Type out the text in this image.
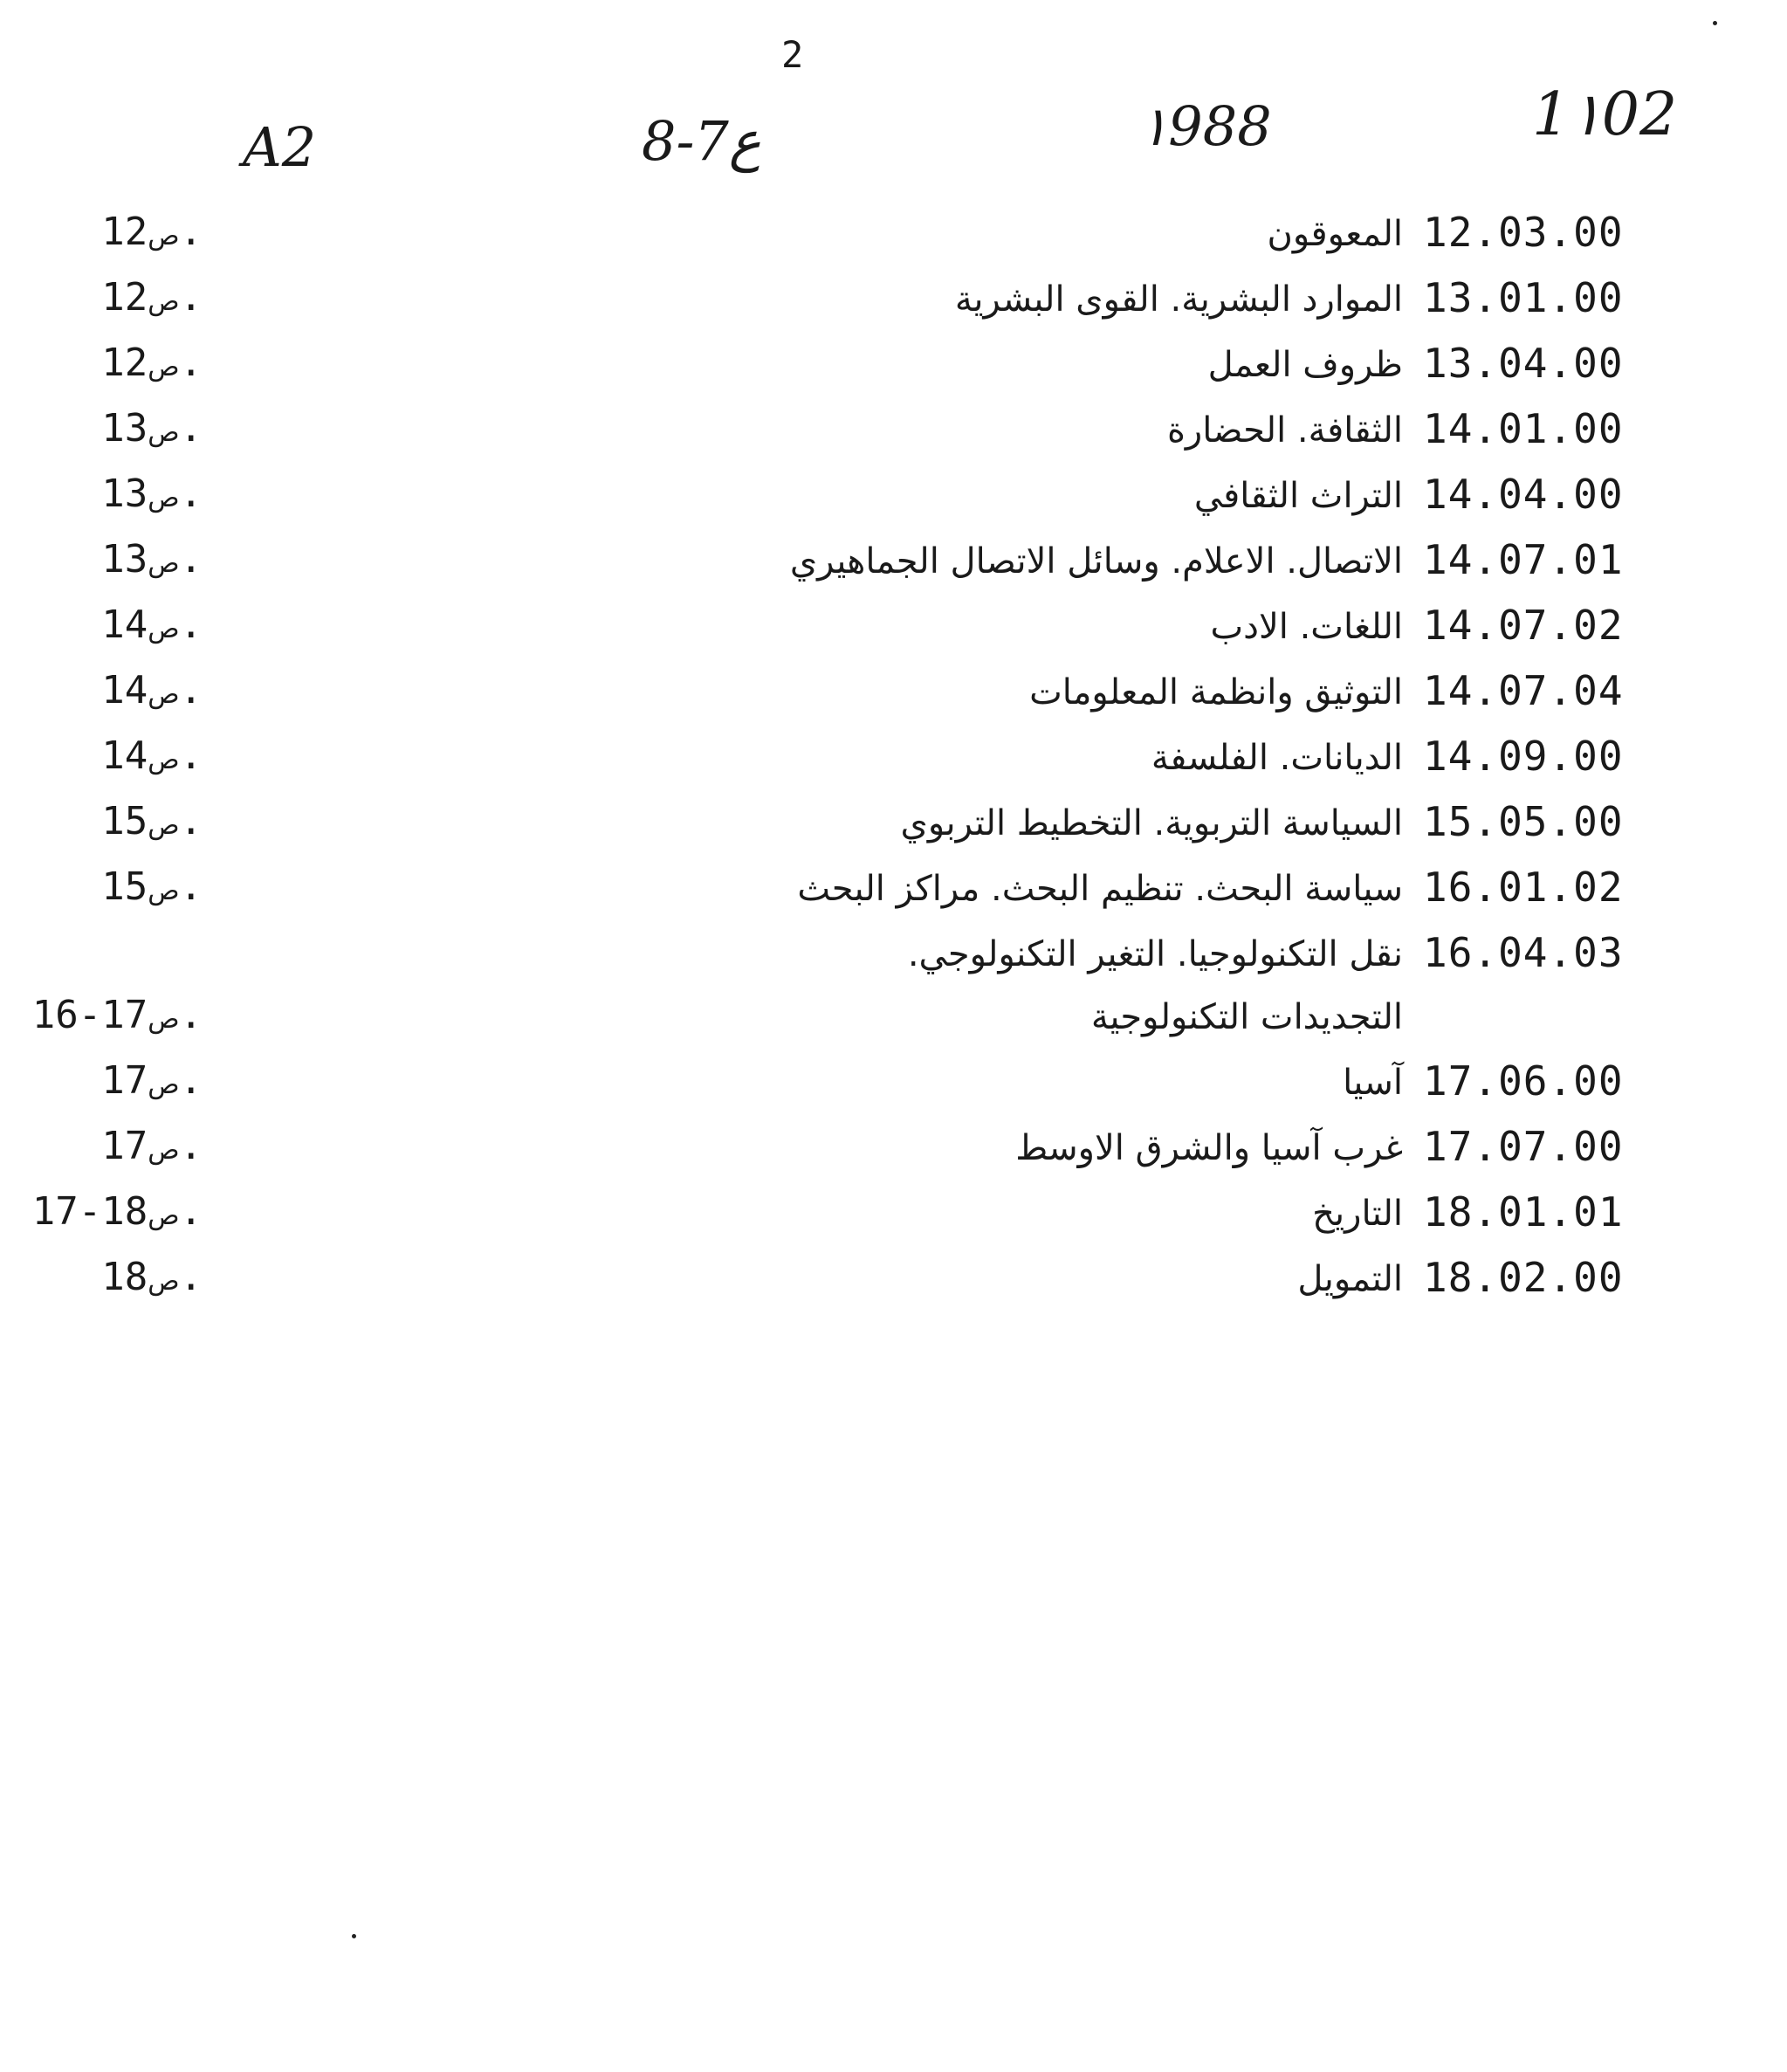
2
A2	8-7ع	١988	1١02
ص12.	المعوقون 12.03.00
ص12.	الموارد البشرية. القوى البشرية 13.01.00
ص12.	ظروف العمل 13.04.00
ص13.	الثقافة. الحضارة 14.01.00
ص13.	التراث الثقافي 14.04.00
ص13.	الاتصال. الاعلام. وسائل الاتصال الجماهيري 14.07.01
ص14.	اللغات. الادب 14.07.02
ص14.	التوثيق وانظمة المعلومات 14.07.04
ص14.	الديانات. الفلسفة 14.09.00
ص15.	السياسة التربوية. التخطيط التربوي 15.05.00
ص15.	سياسة البحث. تنظيم البحث. مراكز البحث 16.01.02
نقل التكنولوجيا. التغير التكنولوجي. 16.04.03
ص17-16.	التجديدات التكنولوجية
ص17.	آسيا 17.06.00
ص17.	غرب آسيا والشرق الاوسط 17.07.00
ص18-17.	التاريخ 18.01.01
ص18.	التمويل 18.02.00
